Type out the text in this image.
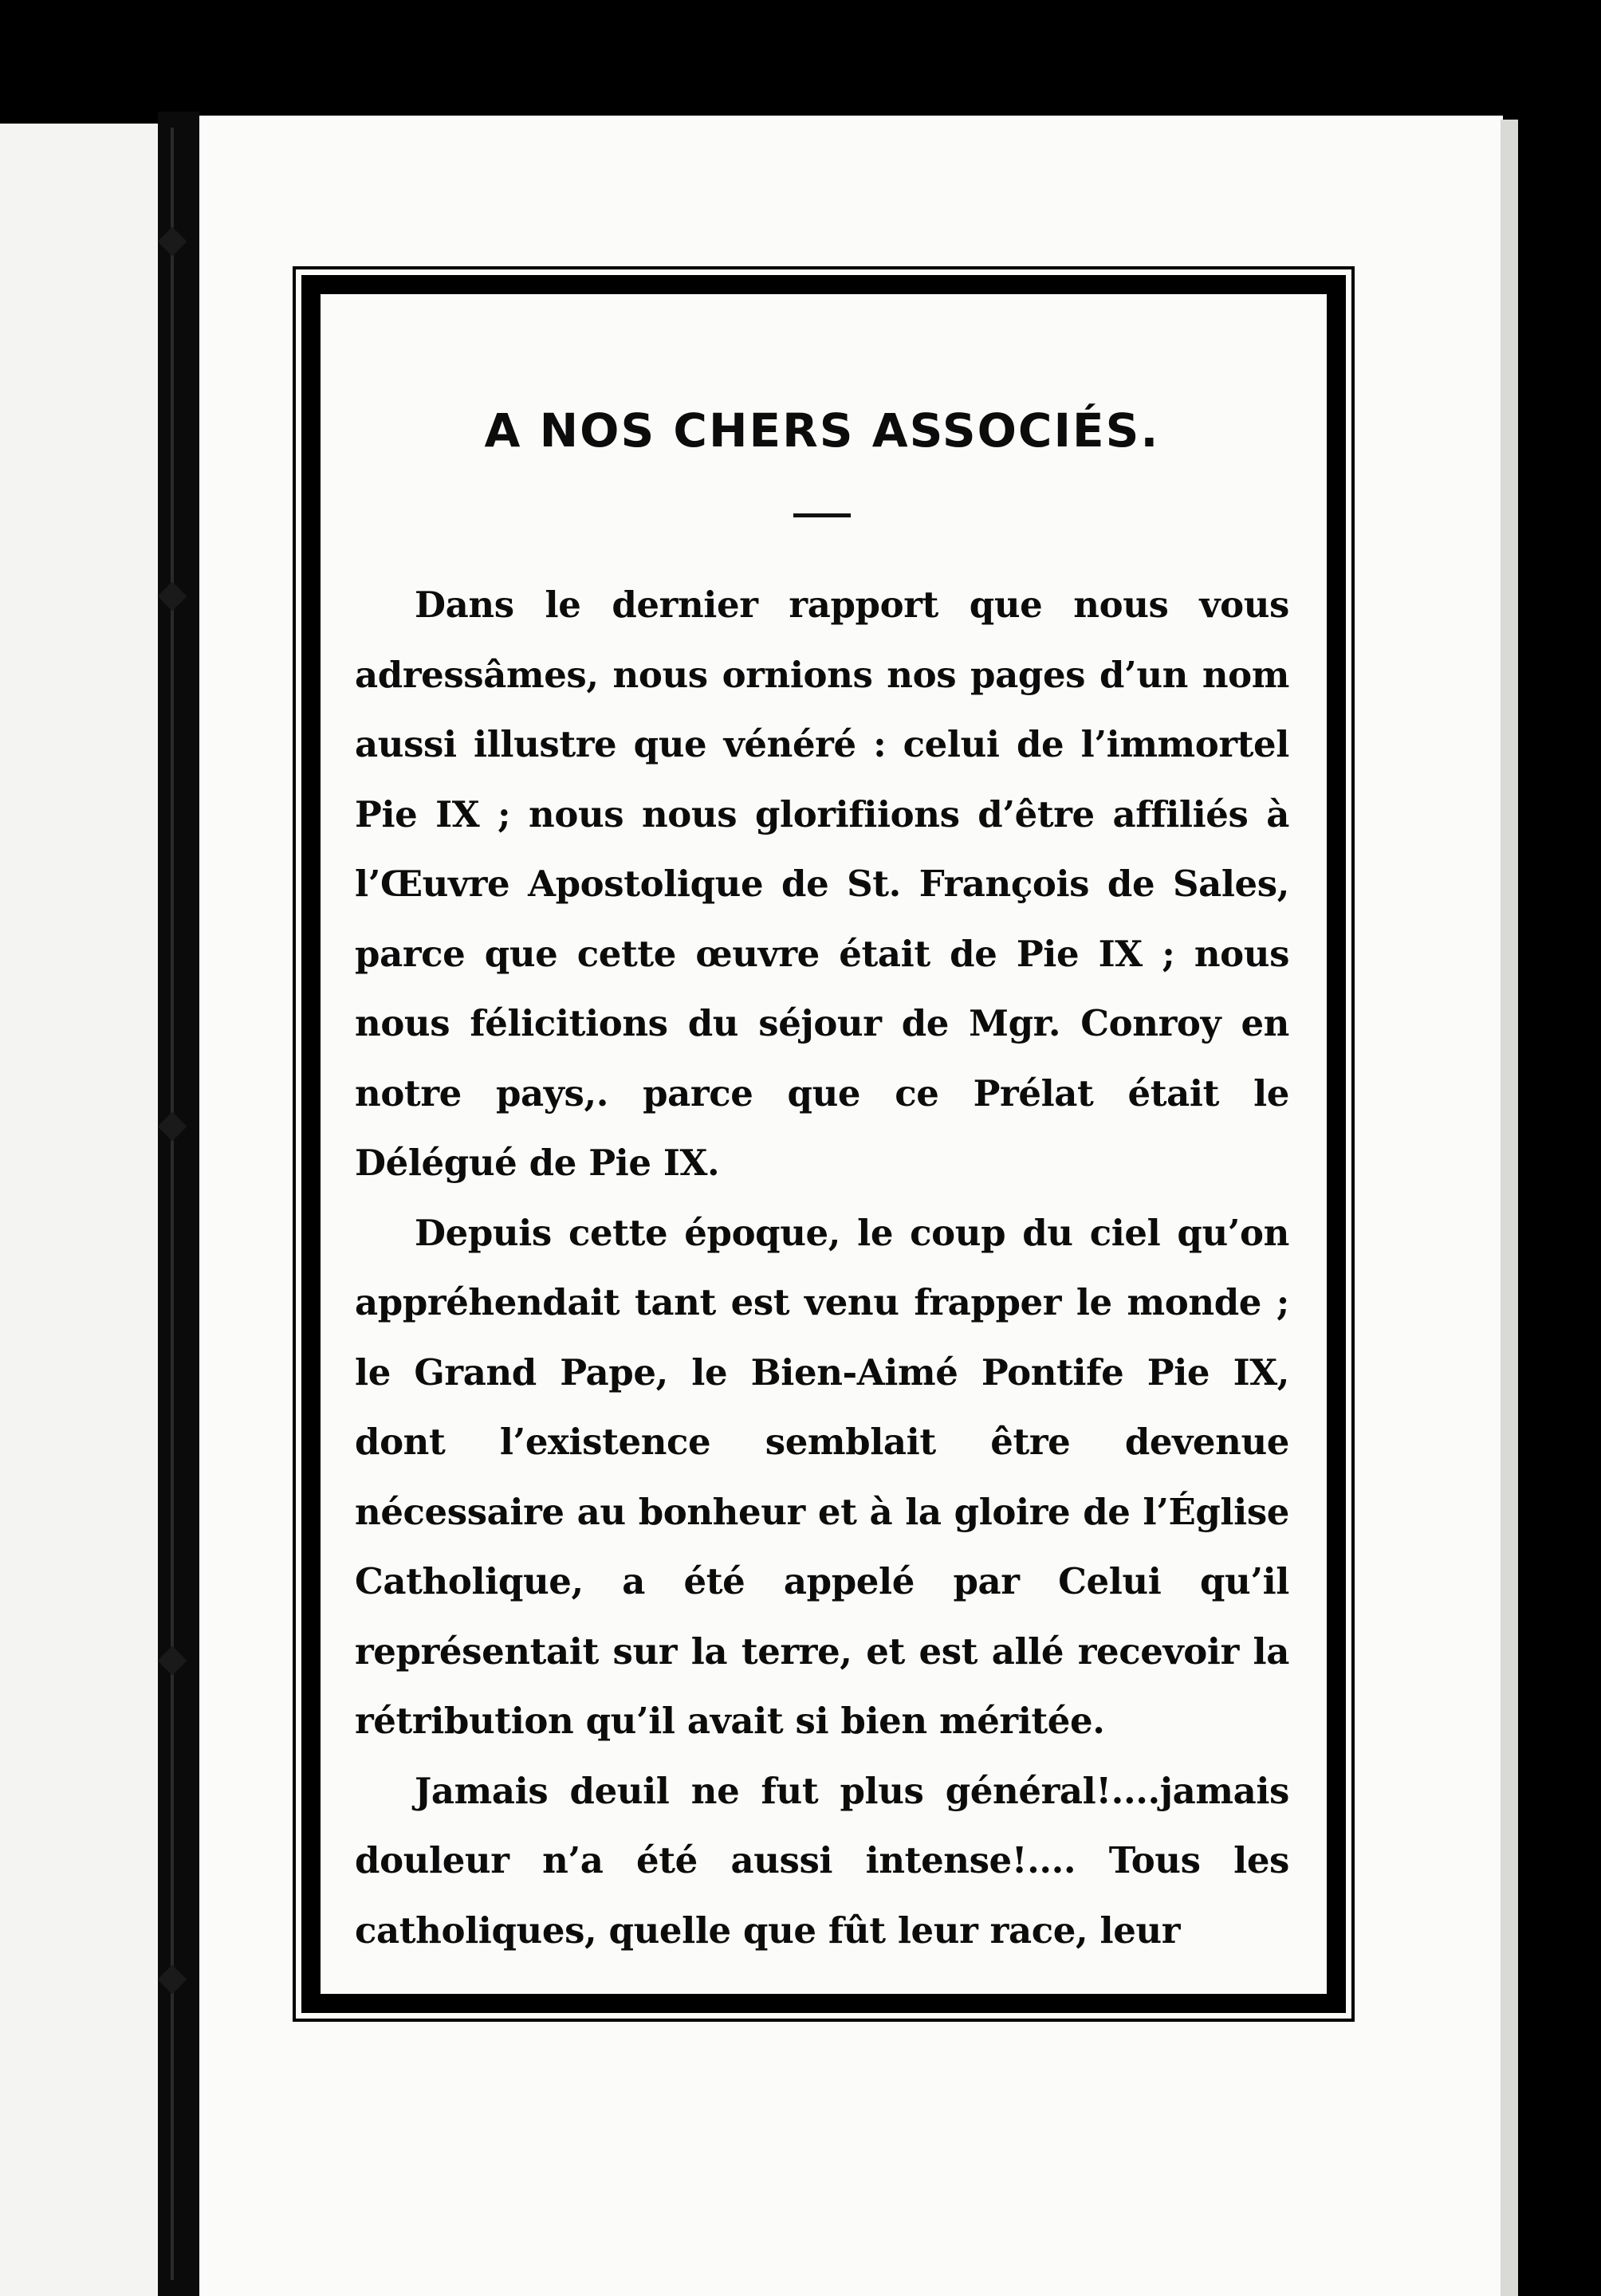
A NOS CHERS ASSOCIÉS.

Dans le dernier rapport que nous vous adressâmes, nous ornions nos pages d’un nom aussi illustre que vénéré : celui de l’immortel Pie IX ; nous nous glorifiions d’être affiliés à l’Œuvre Apostolique de St. François de Sales, parce que cette œuvre était de Pie IX ; nous nous félicitions du séjour de Mgr. Conroy en notre pays,. parce que ce Prélat était le Délégué de Pie IX.

Depuis cette époque, le coup du ciel qu’on appréhendait tant est venu frapper le monde ; le Grand Pape, le Bien-Aimé Pontife Pie IX, dont l’existence semblait être devenue nécessaire au bonheur et à la gloire de l’Église Catholique, a été appelé par Celui qu’il représentait sur la terre, et est allé recevoir la rétribution qu’il avait si bien méritée.

Jamais deuil ne fut plus général!....jamais douleur n’a été aussi intense!.... Tous les catholiques, quelle que fût leur race, leur
